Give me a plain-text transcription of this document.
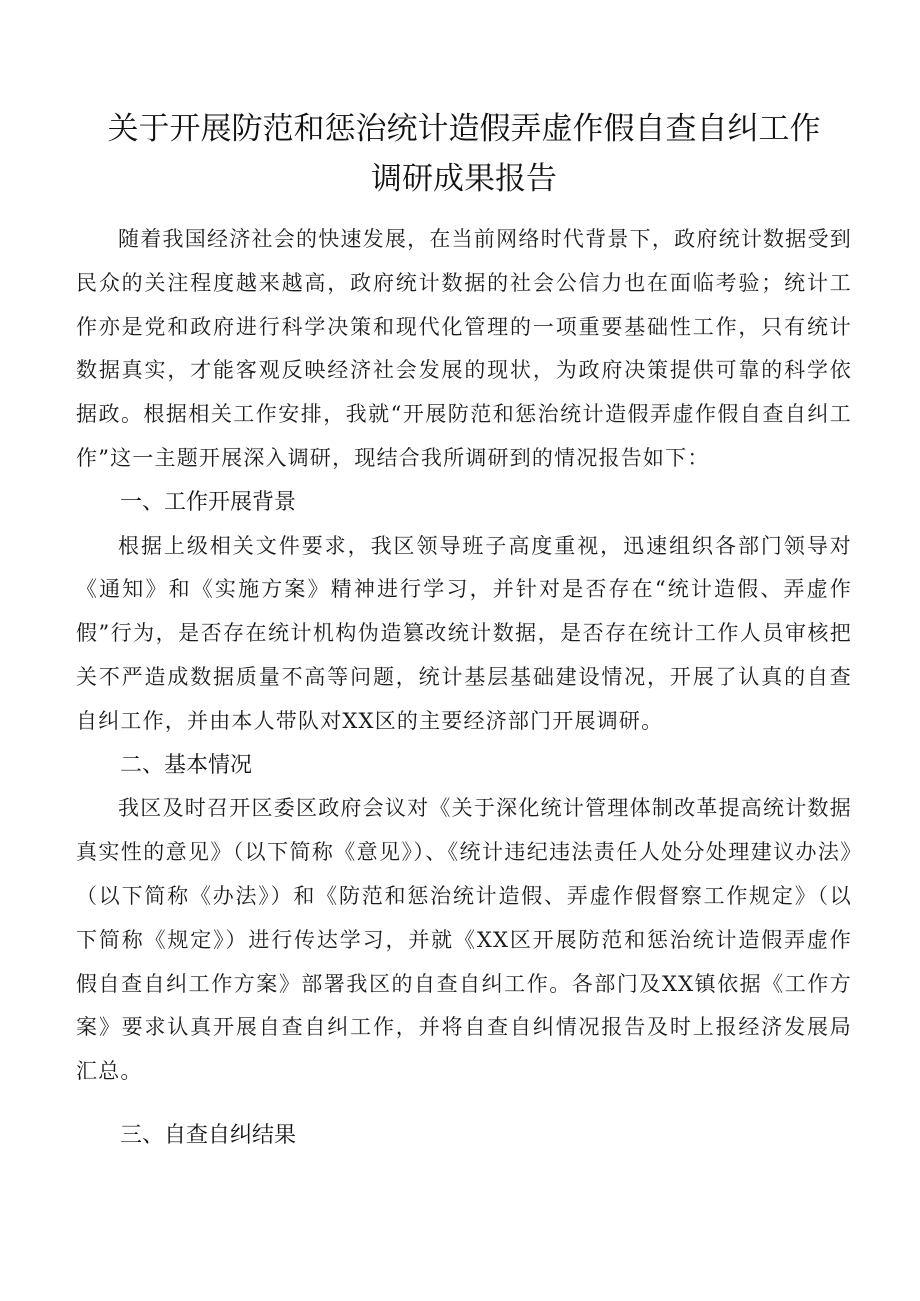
关于开展防范和惩治统计造假弄虚作假自查自纠工作
调研成果报告

随着我国经济社会的快速发展，在当前网络时代背景下，政府统计数据受到民众的关注程度越来越高，政府统计数据的社会公信力也在面临考验；统计工作亦是党和政府进行科学决策和现代化管理的一项重要基础性工作，只有统计数据真实，才能客观反映经济社会发展的现状，为政府决策提供可靠的科学依据政。根据相关工作安排，我就“开展防范和惩治统计造假弄虚作假自查自纠工作”这一主题开展深入调研，现结合我所调研到的情况报告如下：

一、工作开展背景

根据上级相关文件要求，我区领导班子高度重视，迅速组织各部门领导对《通知》和《实施方案》精神进行学习，并针对是否存在“统计造假、弄虚作假”行为，是否存在统计机构伪造篡改统计数据，是否存在统计工作人员审核把关不严造成数据质量不高等问题，统计基层基础建设情况，开展了认真的自查自纠工作，并由本人带队对XX区的主要经济部门开展调研。

二、基本情况

我区及时召开区委区政府会议对《关于深化统计管理体制改革提高统计数据真实性的意见》（以下简称《意见》）、《统计违纪违法责任人处分处理建议办法》（以下简称《办法》）和《防范和惩治统计造假、弄虚作假督察工作规定》（以下简称《规定》）进行传达学习，并就《XX区开展防范和惩治统计造假弄虚作假自查自纠工作方案》部署我区的自查自纠工作。各部门及XX镇依据《工作方案》要求认真开展自查自纠工作，并将自查自纠情况报告及时上报经济发展局汇总。

三、自查自纠结果
